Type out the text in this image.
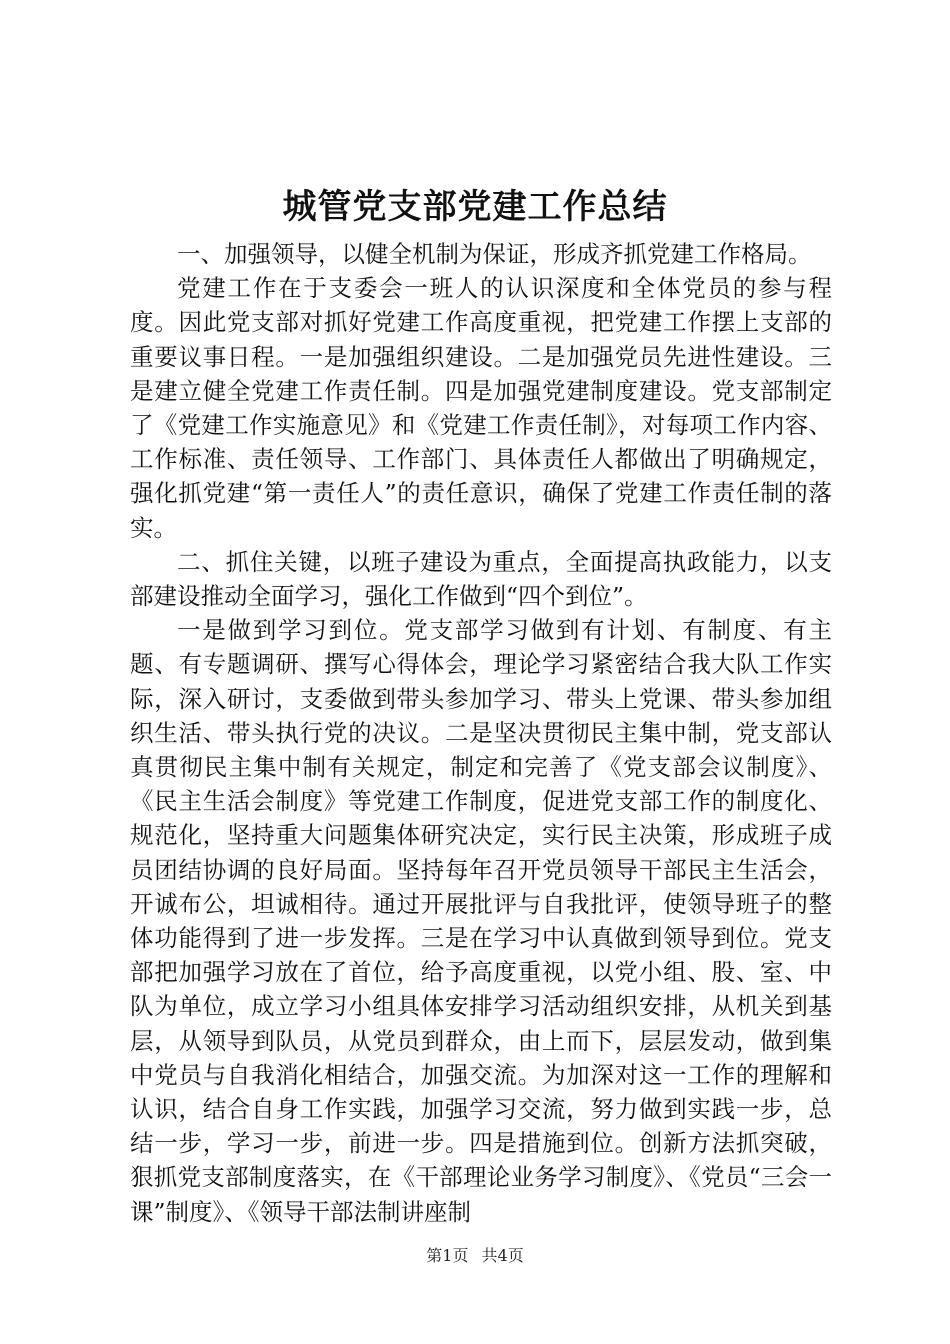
城管党支部党建工作总结

一、加强领导，以健全机制为保证，形成齐抓党建工作格局。

党建工作在于支委会一班人的认识深度和全体党员的参与程度。因此党支部对抓好党建工作高度重视，把党建工作摆上支部的重要议事日程。一是加强组织建设。二是加强党员先进性建设。三是建立健全党建工作责任制。四是加强党建制度建设。党支部制定了《党建工作实施意见》和《党建工作责任制》，对每项工作内容、工作标准、责任领导、工作部门、具体责任人都做出了明确规定，强化抓党建“第一责任人”的责任意识，确保了党建工作责任制的落实。

二、抓住关键，以班子建设为重点，全面提高执政能力，以支部建设推动全面学习，强化工作做到“四个到位”。

一是做到学习到位。党支部学习做到有计划、有制度、有主题、有专题调研、撰写心得体会，理论学习紧密结合我大队工作实际，深入研讨，支委做到带头参加学习、带头上党课、带头参加组织生活、带头执行党的决议。二是坚决贯彻民主集中制，党支部认真贯彻民主集中制有关规定，制定和完善了《党支部会议制度》、《民主生活会制度》等党建工作制度，促进党支部工作的制度化、规范化，坚持重大问题集体研究决定，实行民主决策，形成班子成员团结协调的良好局面。坚持每年召开党员领导干部民主生活会，开诚布公，坦诚相待。通过开展批评与自我批评，使领导班子的整体功能得到了进一步发挥。三是在学习中认真做到领导到位。党支部把加强学习放在了首位，给予高度重视，以党小组、股、室、中队为单位，成立学习小组具体安排学习活动组织安排，从机关到基层，从领导到队员，从党员到群众，由上而下，层层发动，做到集中党员与自我消化相结合，加强交流。为加深对这一工作的理解和认识，结合自身工作实践，加强学习交流，努力做到实践一步，总结一步，学习一步，前进一步。四是措施到位。创新方法抓突破，狠抓党支部制度落实，在《干部理论业务学习制度》、《党员“三会一课”制度》、《领导干部法制讲座制

第1页 共4页
